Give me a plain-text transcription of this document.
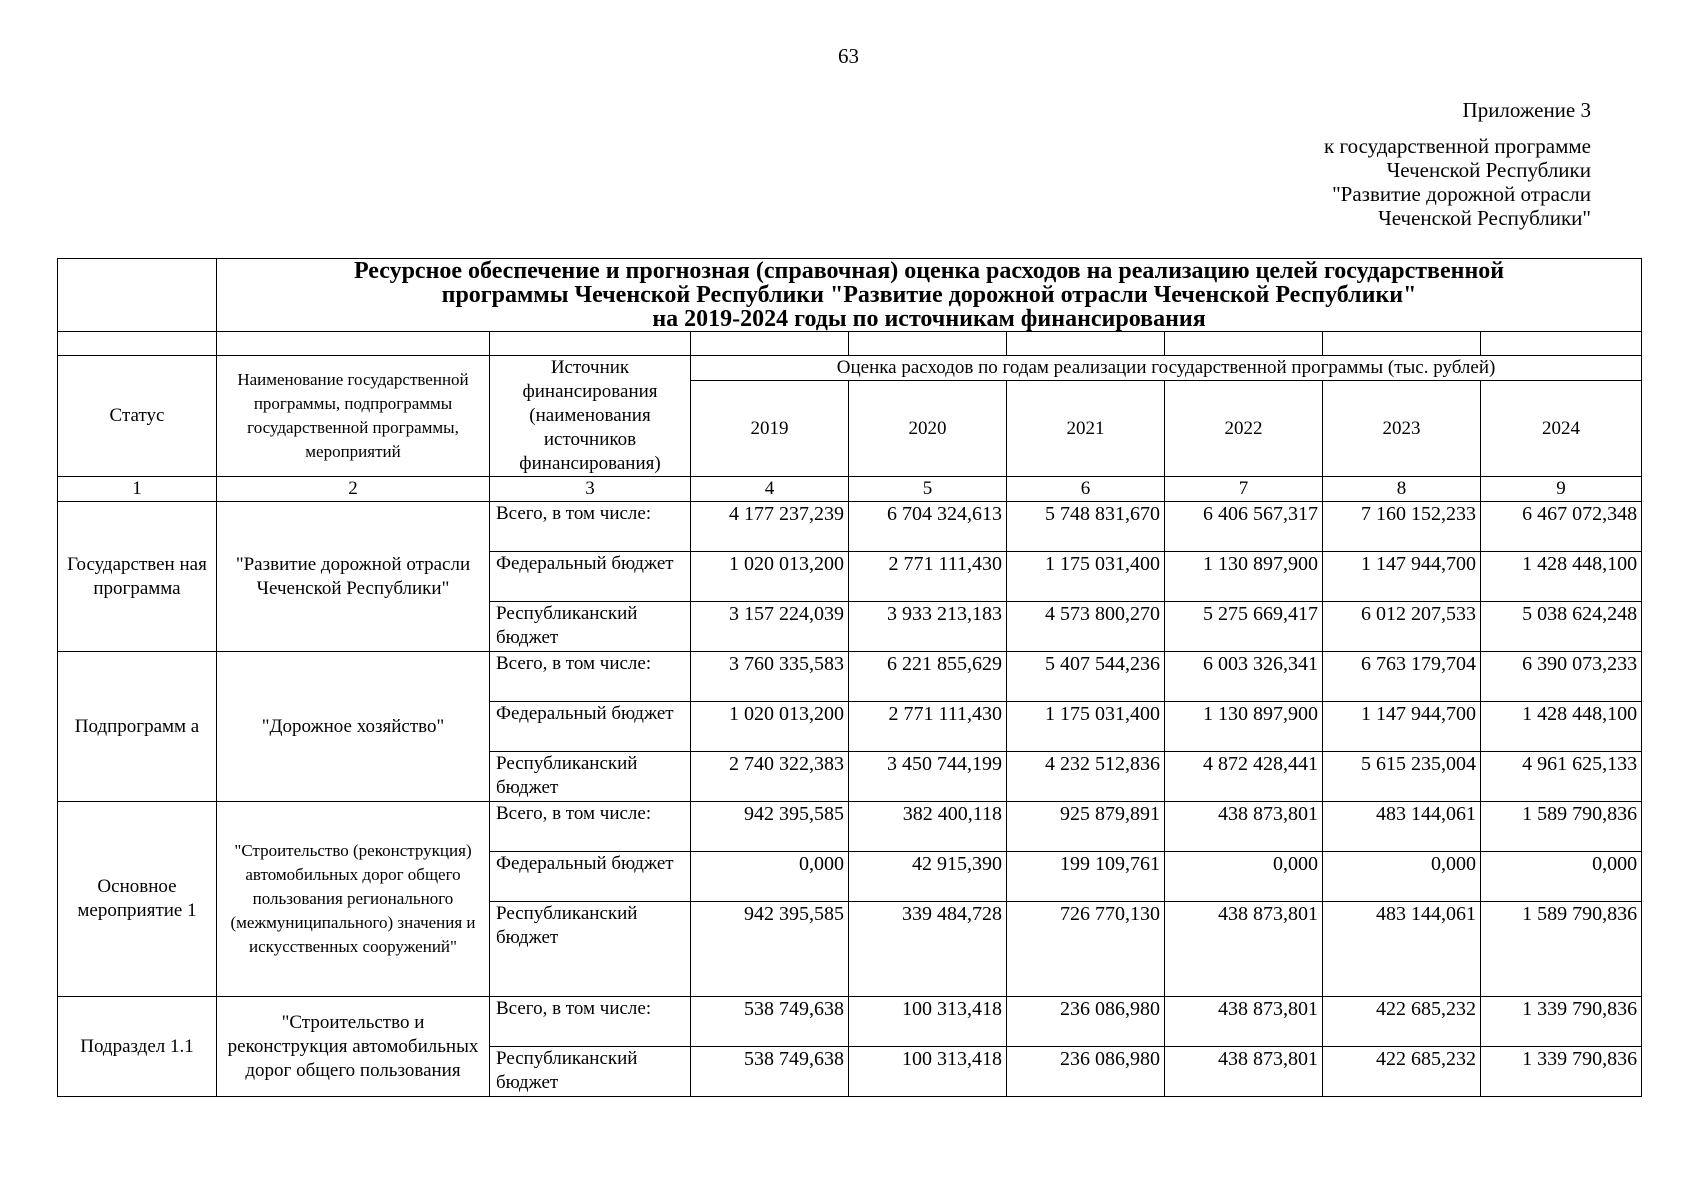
63
Приложение 3
к государственной программе
Чеченской Республики
"Развитие дорожной отрасли
Чеченской Республики"

	Ресурсное обеспечение и прогнозная (справочная) оценка расходов на реализацию целей государственной
программы Чеченской Республики "Развитие дорожной отрасли Чеченской Республики"
на 2019-2024 годы по источникам финансирования							

Статус	Наименование государственной программы, подпрограммы государственной программы, мероприятий	Источник финансирования (наименования источников финансирования)	Оценка расходов по годам реализации государственной программы (тыс. рублей)					
			2019	2020	2021	2022	2023	2024
1	2	3	4	5	6	7	8	9
Государствен ная программа	"Развитие дорожной отрасли Чеченской Республики"	Всего, в том числе:	4 177 237,239	6 704 324,613	5 748 831,670	6 406 567,317	7 160 152,233	6 467 072,348
		Федеральный бюджет	1 020 013,200	2 771 111,430	1 175 031,400	1 130 897,900	1 147 944,700	1 428 448,100
		Республиканский бюджет	3 157 224,039	3 933 213,183	4 573 800,270	5 275 669,417	6 012 207,533	5 038 624,248
Подпрограмм а	"Дорожное хозяйство"	Всего, в том числе:	3 760 335,583	6 221 855,629	5 407 544,236	6 003 326,341	6 763 179,704	6 390 073,233
		Федеральный бюджет	1 020 013,200	2 771 111,430	1 175 031,400	1 130 897,900	1 147 944,700	1 428 448,100
		Республиканский бюджет	2 740 322,383	3 450 744,199	4 232 512,836	4 872 428,441	5 615 235,004	4 961 625,133
Основное мероприятие 1	"Строительство (реконструкция) автомобильных дорог общего пользования регионального (межмуниципального) значения и искусственных сооружений"	Всего, в том числе:	942 395,585	382 400,118	925 879,891	438 873,801	483 144,061	1 589 790,836
		Федеральный бюджет	0,000	42 915,390	199 109,761	0,000	0,000	0,000
		Республиканский бюджет	942 395,585	339 484,728	726 770,130	438 873,801	483 144,061	1 589 790,836
Подраздел 1.1	"Строительство и реконструкция автомобильных дорог общего пользования	Всего, в том числе:	538 749,638	100 313,418	236 086,980	438 873,801	422 685,232	1 339 790,836
		Республиканский бюджет	538 749,638	100 313,418	236 086,980	438 873,801	422 685,232	1 339 790,836
